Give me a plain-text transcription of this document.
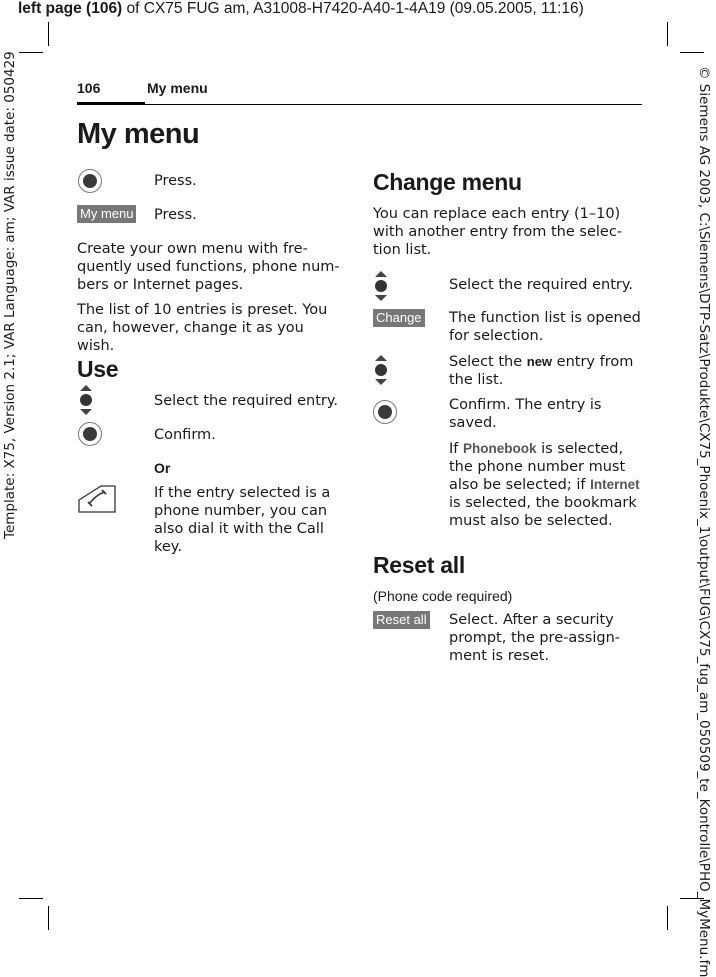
left page (106) of CX75 FUG am, A31008-H7420-A40-1-4A19 (09.05.2005, 11:16)
Template: X75, Version 2.1; VAR Language: am; VAR issue date: 050429	© Siemens AG 2003, C:\Siemens\DTP-Satz\Produkte\CX75_Phoenix_1\output\FUG\CX75_fug_am_050509_te_Kontrolle\PHO_MyMenu.fm
106	My menu
My menu
Press.
My menu Press.
Create your own menu with fre-quently used functions, phone num-bers or Internet pages.
The list of 10 entries is preset. You can, however, change it as you wish.
Use
Select the required entry.
Confirm.
Or
If the entry selected is a phone number, you can also dial it with the Call key.
Change menu
You can replace each entry (1–10) with another entry from the selec-tion list.
Select the required entry.
Change The function list is opened for selection.
Select the new entry from the list.
Confirm. The entry is saved.
If Phonebook is selected, the phone number must also be selected; if Internet is selected, the bookmark must also be selected.
Reset all
(Phone code required)
Reset all Select. After a security prompt, the pre-assign-ment is reset.
